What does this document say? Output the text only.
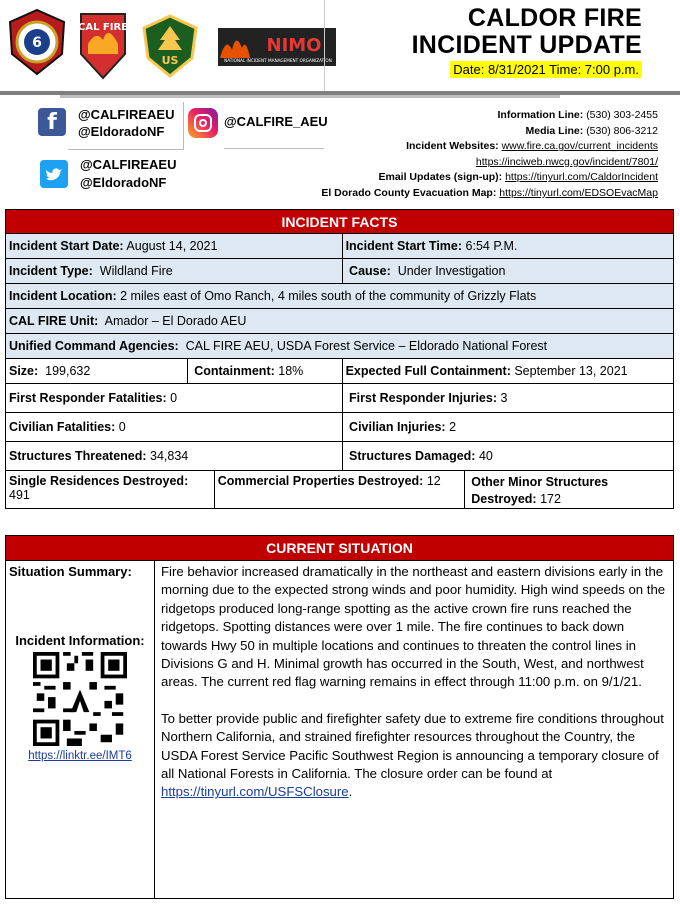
6
CAL FIRE
US
NIMO
NATIONAL INCIDENT MANAGEMENT ORGANIZATION
CALDOR FIRE
INCIDENT UPDATE
Date: 8/31/2021 Time: 7:00 p.m.
f	@CALFIREAEU
@EldoradoNF
@CALFIRE_AEU
@CALFIREAEU
@EldoradoNF
Information Line: (530) 303-2455
Media Line: (530) 806-3212
Incident Websites: www.fire.ca.gov/current_incidents
https://inciweb.nwcg.gov/incident/7801/
Email Updates (sign-up): https://tinyurl.com/CaldorIncident
El Dorado County Evacuation Map: https://tinyurl.com/EDSOEvacMap
INCIDENT FACTS				
Incident Start Date: August 14, 2021			Incident Start Time: 6:54 P.M.	
Incident Type: Wildland Fire			Cause: Under Investigation	
Incident Location: 2 miles east of Omo Ranch, 4 miles south of the community of Grizzly Flats				
CAL FIRE Unit: Amador – El Dorado AEU				
Unified Command Agencies: CAL FIRE AEU, USDA Forest Service – Eldorado National Forest				
Size: 199,632	Containment: 18%		Expected Full Containment: September 13, 2021	
First Responder Fatalities: 0			First Responder Injuries: 3	
Civilian Fatalities: 0			Civilian Injuries: 2	
Structures Threatened: 34,834			Structures Damaged: 40	
Single Residences Destroyed: 491		Commercial Properties Destroyed: 12		Other Minor Structures
Destroyed: 172
CURRENT SITUATION

Situation Summary:
Incident Information:
https://linktr.ee/IMT6

Fire behavior increased dramatically in the northeast and eastern divisions early in the morning due to the expected strong winds and poor humidity. High wind speeds on the ridgetops produced long-range spotting as the active crown fire runs reached the ridgetops. Spotting distances were over 1 mile. The fire continues to back down towards Hwy 50 in multiple locations and continues to threaten the control lines in Divisions G and H. Minimal growth has occurred in the South, West, and northwest areas. The current red flag warning remains in effect through 11:00 p.m. on 9/1/21.

To better provide public and firefighter safety due to extreme fire conditions throughout Northern California, and strained firefighter resources throughout the Country, the USDA Forest Service Pacific Southwest Region is announcing a temporary closure of all National Forests in California. The closure order can be found at https://tinyurl.com/USFSClosure.
